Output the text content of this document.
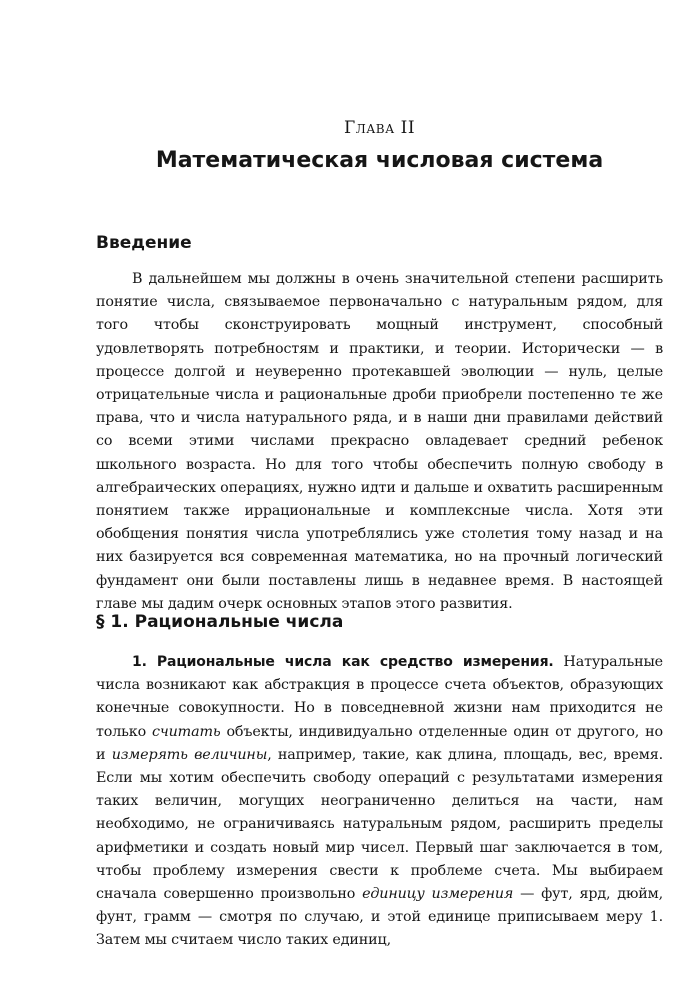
Глава II
Математическая числовая система
Введение

В дальнейшем мы должны в очень значительной степени расширить понятие числа, связываемое первоначально с натуральным рядом, для того чтобы сконструировать мощный инструмент, способный удовлетворять потребностям и практики, и теории. Исторически — в процессе долгой и неуверенно протекавшей эволюции — нуль, целые отрицательные числа и рациональные дроби приобрели постепенно те же права, что и числа натурального ряда, и в наши дни правилами действий со всеми этими числами прекрасно овладевает средний ребенок школьного возраста. Но для того чтобы обеспечить полную свободу в алгебраических операциях, нужно идти и дальше и охватить расширенным понятием также иррациональные и комплексные числа. Хотя эти обобщения понятия числа употреблялись уже столетия тому назад и на них базируется вся современная математика, но на прочный логический фундамент они были поставлены лишь в недавнее время. В настоящей главе мы дадим очерк основных этапов этого развития.

§ 1. Рациональные числа

1. Рациональные числа как средство измерения. Натуральные числа возникают как абстракция в процессе счета объектов, образующих конечные совокупности. Но в повседневной жизни нам приходится не только считать объекты, индивидуально отделенные один от другого, но и измерять величины, например, такие, как длина, площадь, вес, время. Если мы хотим обеспечить свободу операций с результатами измерения таких величин, могущих неограниченно делиться на части, нам необходимо, не ограничиваясь натуральным рядом, расширить пределы арифметики и создать новый мир чисел. Первый шаг заключается в том, чтобы проблему измерения свести к проблеме счета. Мы выбираем сначала совершенно произвольно единицу измерения — фут, ярд, дюйм, фунт, грамм — смотря по случаю, и этой единице приписываем меру 1. Затем мы считаем число таких единиц,
